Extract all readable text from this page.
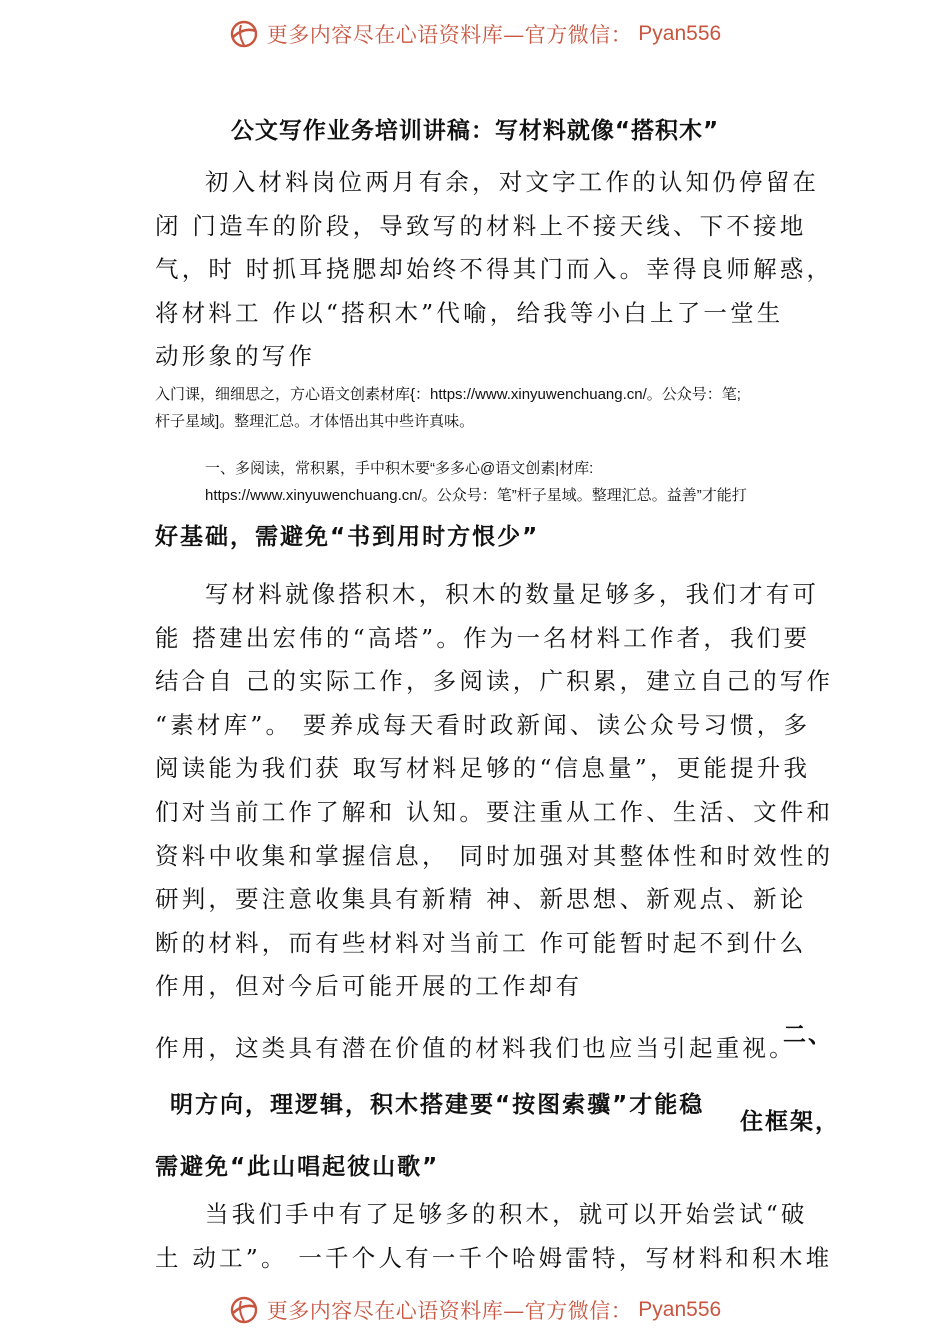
更多内容尽在心语资料库—官方微信： Pyan556
公文写作业务培训讲稿：写材料就像“搭积木”
初入材料岗位两月有余，对文字工作的认知仍停留在
闭 门造车的阶段，导致写的材料上不接天线、下不接地
气，时 时抓耳挠腮却始终不得其门而入。幸得良师解惑，
将材料工 作以“搭积木”代喻，给我等小白上了一堂生
动形象的写作
入门课，细细思之，方心语文创素材库{：https://www.xinyuwenchuang.cn/。公众号：笔;
杆子星域]。整理汇总。才体悟出其中些许真味。
一、多阅读，常积累，手中积木要“多多心@语文创素|材库:
https://www.xinyuwenchuang.cn/。公众号：笔”杆子星域。整理汇总。益善”才能打
好基础，需避免“书到用时方恨少”
写材料就像搭积木，积木的数量足够多，我们才有可
能 搭建出宏伟的“高塔”。作为一名材料工作者，我们要
结合自 己的实际工作，多阅读，广积累，建立自己的写作
“素材库”。 要养成每天看时政新闻、读公众号习惯，多
阅读能为我们获 取写材料足够的“信息量”，更能提升我
们对当前工作了解和 认知。要注重从工作、生活、文件和
资料中收集和掌握信息， 同时加强对其整体性和时效性的
研判，要注意收集具有新精 神、新思想、新观点、新论
断的材料，而有些材料对当前工 作可能暂时起不到什么
作用，但对今后可能开展的工作却有
作用，这类具有潜在价值的材料我们也应当引起重视。
二、
明方向，理逻辑，积木搭建要“按图索骥”才能稳
住框架，
需避免“此山唱起彼山歌”
当我们手中有了足够多的积木，就可以开始尝试“破
土 动工”。 一千个人有一千个哈姆雷特，写材料和积木堆
更多内容尽在心语资料库—官方微信： Pyan556
